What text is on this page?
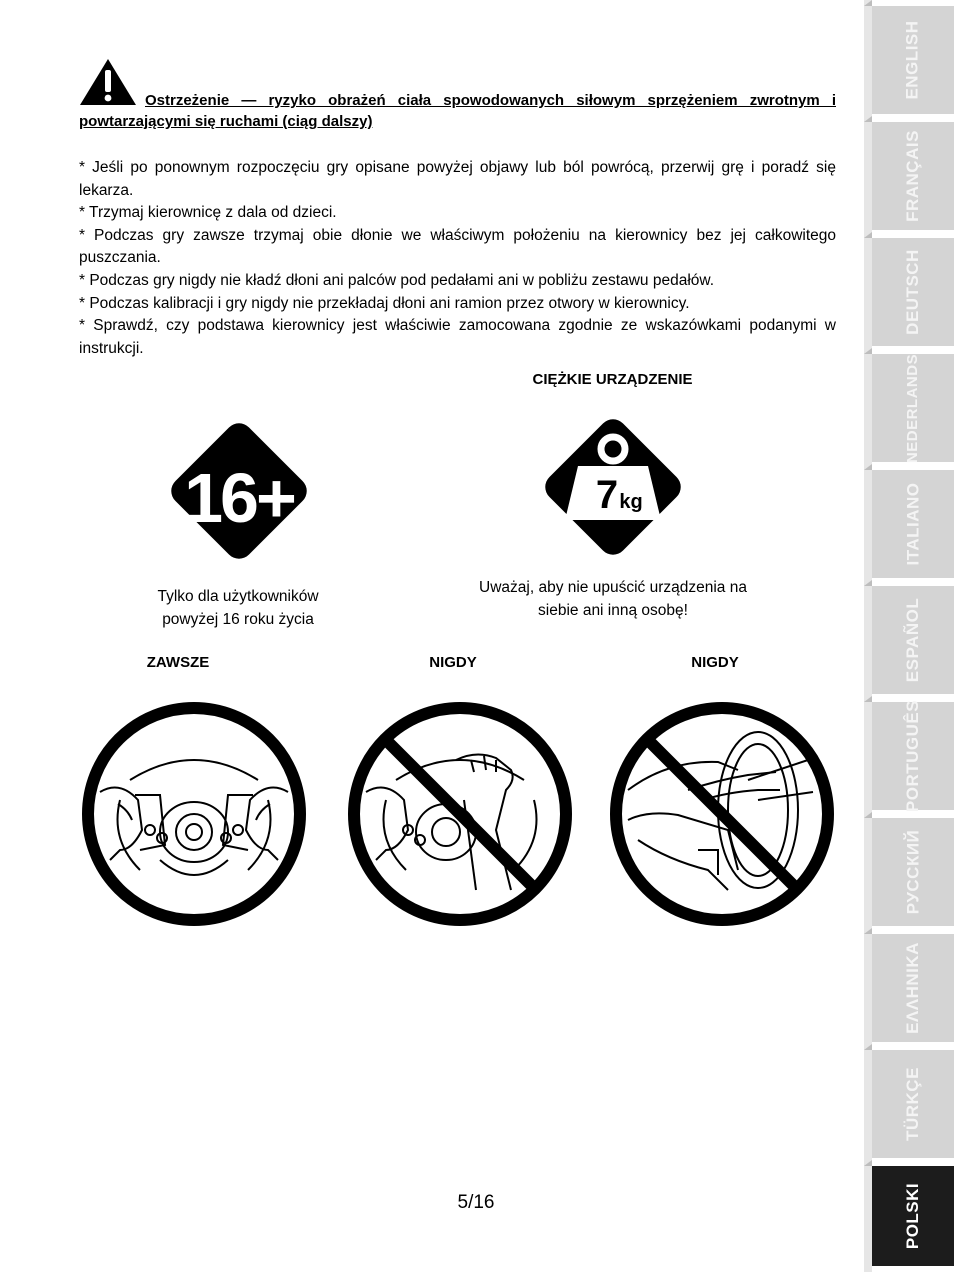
Ostrzeżenie — ryzyko obrażeń ciała spowodowanych siłowym sprzężeniem zwrotnym i powtarzającymi się ruchami (ciąg dalszy)

* Jeśli po ponownym rozpoczęciu gry opisane powyżej objawy lub ból powrócą, przerwij grę i poradź się lekarza.

* Trzymaj kierownicę z dala od dzieci.

* Podczas gry zawsze trzymaj obie dłonie we właściwym położeniu na kierownicy bez jej całkowitego puszczania.

* Podczas gry nigdy nie kładź dłoni ani palców pod pedałami ani w pobliżu zestawu pedałów.

* Podczas kalibracji i gry nigdy nie przekładaj dłoni ani ramion przez otwory w kierownicy.

* Sprawdź, czy podstawa kierownicy jest właściwie zamocowana zgodnie ze wskazówkami podanymi w instrukcji.

CIĘŻKIE URZĄDZENIE
16+
Tylko dla użytkowników
powyżej 16 roku życia
7 kg
Uważaj, aby nie upuścić urządzenia na
siebie ani inną osobę!
ZAWSZE	NIGDY	NIGDY
5/16
ENGLISH
FRANÇAIS
DEUTSCH
NEDERLANDS
ITALIANO
ESPAÑOL
PORTUGUÊS
РУССКИЙ
ΕΛΛΗΝΙΚΑ
TÜRKÇE
POLSKI
